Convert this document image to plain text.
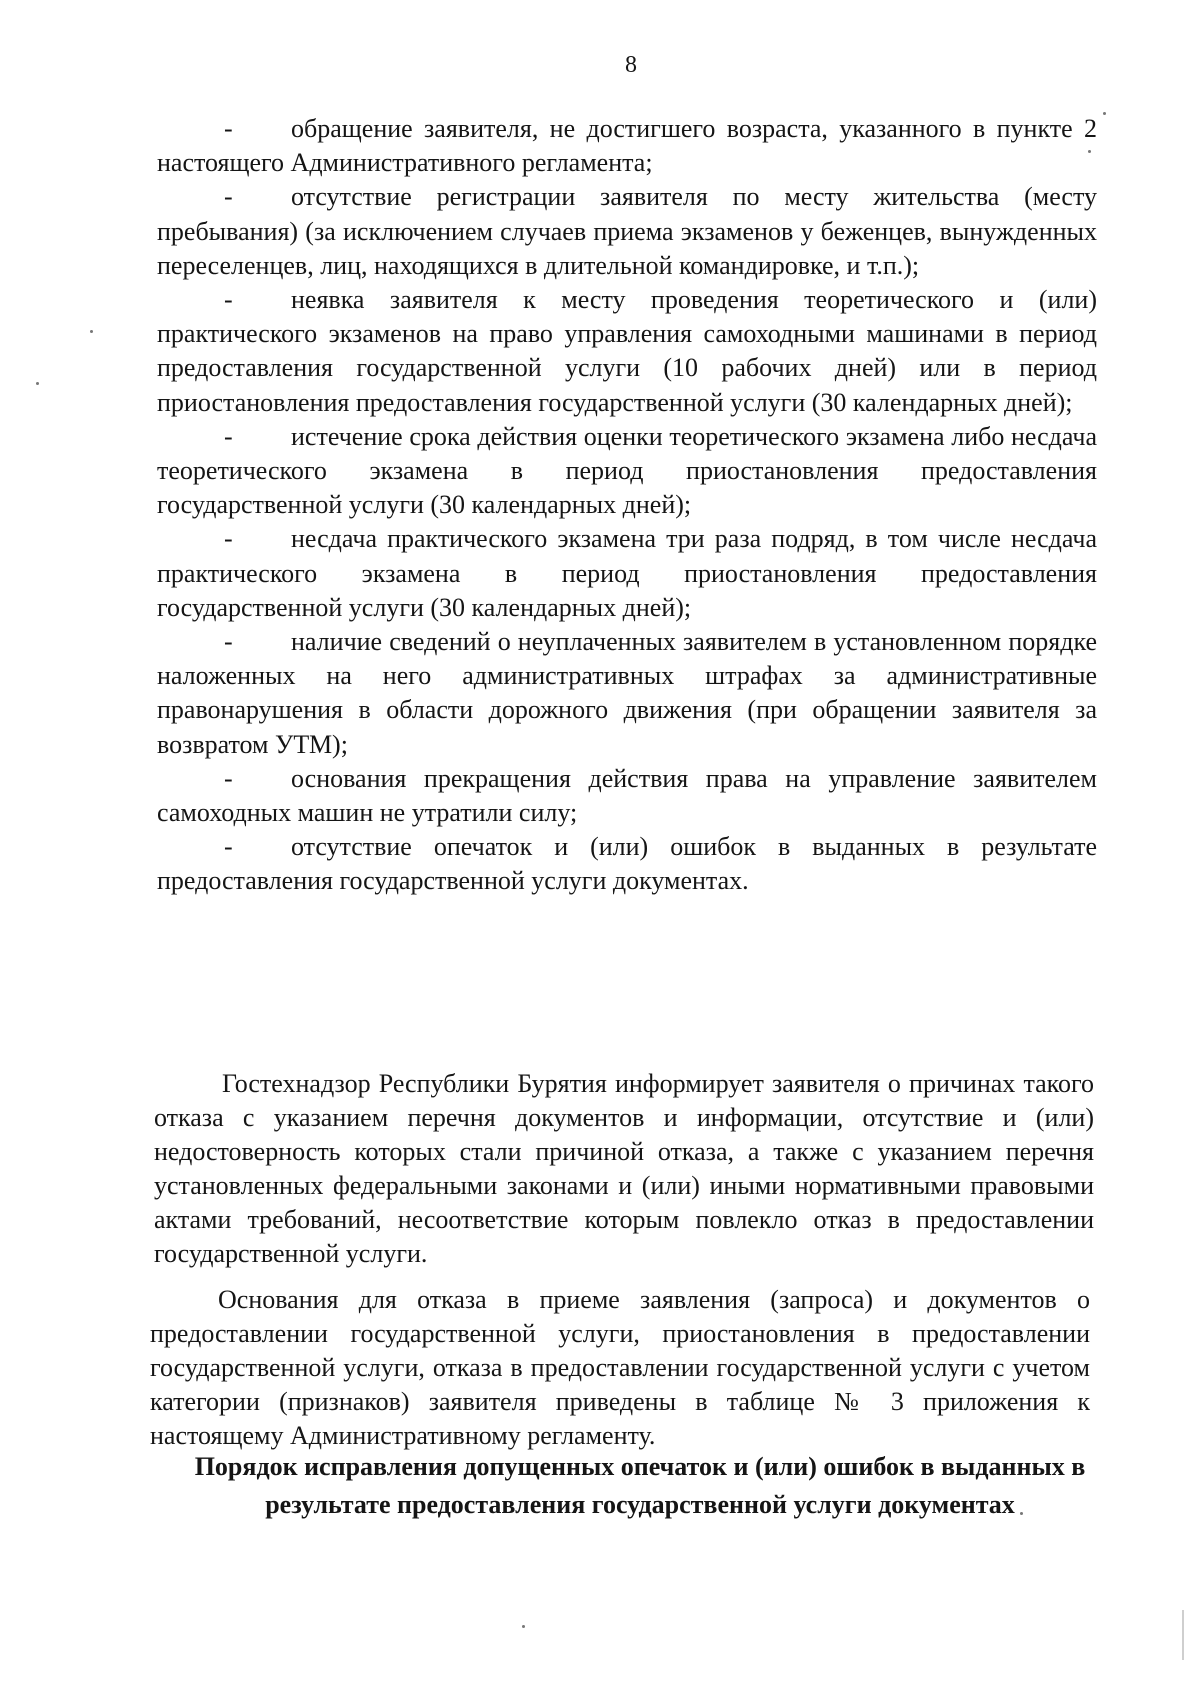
8

- обращение заявителя, не достигшего возраста, указанного в пункте 2 настоящего Административного регламента;

- отсутствие регистрации заявителя по месту жительства (месту пребывания) (за исключением случаев приема экзаменов у беженцев, вынужденных переселенцев, лиц, находящихся в длительной командировке, и т.п.);

- неявка заявителя к месту проведения теоретического и (или) практического экзаменов на право управления самоходными машинами в период предоставления государственной услуги (10 рабочих дней) или в период приостановления предоставления государственной услуги (30 календарных дней);

- истечение срока действия оценки теоретического экзамена либо несдача теоретического экзамена в период приостановления предоставления государственной услуги (30 календарных дней);

- несдача практического экзамена три раза подряд, в том числе несдача практического экзамена в период приостановления предоставления государственной услуги (30 календарных дней);

- наличие сведений о неуплаченных заявителем в установленном порядке наложенных на него административных штрафах за административные правонарушения в области дорожного движения (при обращении заявителя за возвратом УТМ);

- основания прекращения действия права на управление заявителем самоходных машин не утратили силу;

- отсутствие опечаток и (или) ошибок в выданных в результате предоставления государственной услуги документах.

Гостехнадзор Республики Бурятия информирует заявителя о причинах такого отказа с указанием перечня документов и информации, отсутствие и (или) недостоверность которых стали причиной отказа, а также с указанием перечня установленных федеральными законами и (или) иными нормативными правовыми актами требований, несоответствие которым повлекло отказ в предоставлении государственной услуги.

Основания для отказа в приеме заявления (запроса) и документов о предоставлении государственной услуги, приостановления в предоставлении государственной услуги, отказа в предоставлении государственной услуги с учетом категории (признаков) заявителя приведены в таблице № 3 приложения к настоящему Административному регламенту.

Порядок исправления допущенных опечаток и (или) ошибок в выданных в результате предоставления государственной услуги документах
